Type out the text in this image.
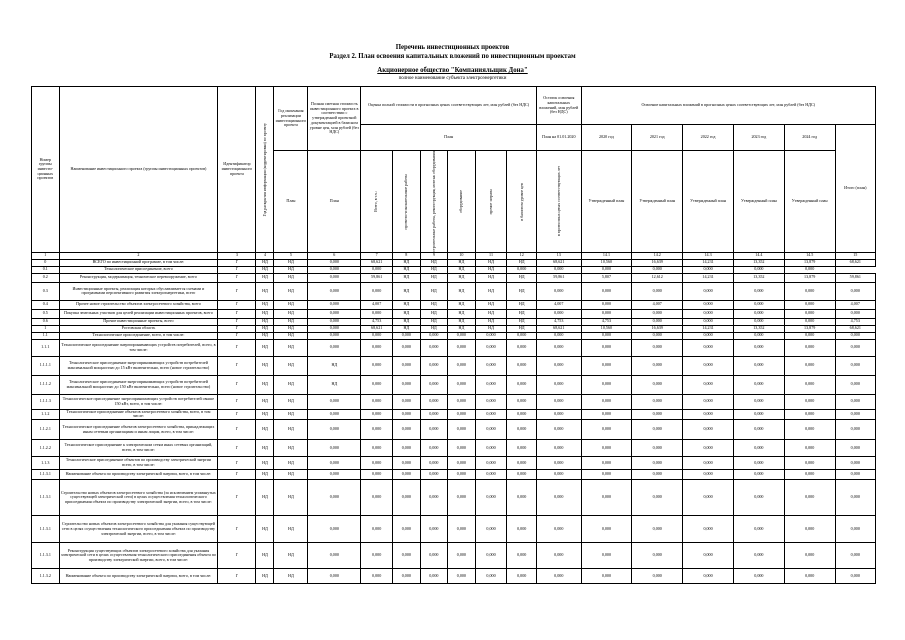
Перечень инвестиционных проектов
Раздел 2. План освоения капитальных вложений по инвестиционным проектам
Акционерное общество "Компанияльщик Дона"
полное наименование субъекта электроэнергетики
Номер группы инвести-ционных проектов	Наименование инвестиционного проекта (группы инвестиционных проектов)	Идентификатор инвестиционного проекта	Год раскрытия информации (корректировки) по проекту	Год окончания реализации инвестиционного проекта	Полная сметная стоимость инвестиционного проекта в соответствии с утвержденной проектной документацией в базисном уровне цен, млн рублей (без НДС)	Оценка полной стоимости в прогнозных ценах соответствующих лет, млн рублей (без НДС)						Остаток освоения капитальных вложений, млн рублей (без НДС)	Освоение капитальных вложений в прогнозных ценах соответствующих лет, млн рублей (без НДС)					
						План						План на 01.01.2020	2020 год	2021 год	2022 год	2023 год	2024 год	Итого (план)
				План	План	Всего, в т.ч.:	проектно-изыскательские работы	строительные работы, реконструкция, монтаж оборудования	оборудование	прочие затраты	в базисном уровне цен	в прогнозных ценах соответствующих лет	Утвержденный план	Утвержденный план	Утвержденный план	Утвержденный план	Утвержденный план	
1	2	3	4	5	6	7	8	9	10	11	12	13	14.1	14.2	14.3	14.4	14.5	15
0	ВСЕГО по инвестиционной программе, в том числе:	Г	НД	НД	0,000	68,621	НД	НД	НД	НД	НД	68,621	10,560	16,639	14,231	13,352	13,879	68,621
0.1	Технологическое присоединение, всего	Г	НД	НД	0,000	0,000	НД	НД	НД	НД	0,000	0,000	0,000	0,000	0,000	0,000	0,000	
0.2	Реконструкция, модернизация, техническое перевооружение, всего	Г	НД	НД	0,000	59,861	НД	НД	НД	НД	НД	59,861	5,807	12,612	14,231	13,352	13,879	59,861
0.3	Инвестиционные проекты, реализация которых обуславливается схемами и программами перспективного развития электроэнергетики, всего	Г	НД	НД	0,000	0,000	НД	НД	НД	НД	НД	0,000	0,000	0,000	0,000	0,000	0,000	0,000
0.4	Прочее новое строительство объектов электросетевого хозяйства, всего	Г	НД	НД	0,000	4,007	НД	НД	НД	НД	НД	4,007	0,000	4,007	0,000	0,000	0,000	4,007
0.5	Покупка земельных участков для целей реализации инвестиционных проектов, всего	Г	НД	НД	0,000	0,000	НД	НД	НД	НД	НД	0,000	0,000	0,000	0,000	0,000	0,000	0,000
0.6	Прочие инвестиционные проекты, всего	Г	НД	НД	0,000	4,753	НД	НД	НД	НД	НД	4,753	4,753	0,000	0,000	0,000	0,000	4,753
1	Ростовская область	Г	НД	НД	0,000	68,621	НД	НД	НД	НД	НД	68,621	10,560	16,639	14,231	13,352	13,879	68,621
1.1	Технологическое присоединение, всего, в том числе:	Г	НД	НД	0,000	0,000	0,000	0,000	0,000	0,000	0,000	0,000	0,000	0,000	0,000	0,000	0,000	0,000
1.1.1	Технологическое присоединение энергопринимающих устройств потребителей, всего, в том числе:	Г	НД	НД	0,000	0,000	0,000	0,000	0,000	0,000	0,000	0,000	0,000	0,000	0,000	0,000	0,000	0,000
1.1.1.1	Технологическое присоединение энергопринимающих устройств потребителей максимальной мощностью до 15 кВт включительно, всего (новое строительство)	Г	НД	НД	НД	0,000	0,000	0,000	0,000	0,000	0,000	0,000	0,000	0,000	0,000	0,000	0,000	0,000
1.1.1.2	Технологическое присоединение энергопринимающих устройств потребителей максимальной мощностью до 150 кВт включительно, всего (новое строительство)	Г	НД	НД	НД	0,000	0,000	0,000	0,000	0,000	0,000	0,000	0,000	0,000	0,000	0,000	0,000	0,000
1.1.1.3	Технологическое присоединение энергопринимающих устройств потребителей свыше 150 кВт, всего, в том числе:	Г	НД	НД	0,000	0,000	0,000	0,000	0,000	0,000	0,000	0,000	0,000	0,000	0,000	0,000	0,000	0,000
1.1.2	Технологическое присоединение объектов электросетевого хозяйства, всего, в том числе:	Г	НД	НД	0,000	0,000	0,000	0,000	0,000	0,000	0,000	0,000	0,000	0,000	0,000	0,000	0,000	0,000
1.1.2.1	Технологическое присоединение объектов электросетевого хозяйства, принадлежащих иным сетевым организациям и иным лицам, всего, в том числе:	Г	НД	НД	0,000	0,000	0,000	0,000	0,000	0,000	0,000	0,000	0,000	0,000	0,000	0,000	0,000	0,000
1.1.2.2	Технологическое присоединение к электрическим сетям иных сетевых организаций, всего, в том числе:	Г	НД	НД	0,000	0,000	0,000	0,000	0,000	0,000	0,000	0,000	0,000	0,000	0,000	0,000	0,000	0,000
1.1.3	Технологическое присоединение объектов по производству электрической энергии всего, в том числе:	Г	НД	НД	0,000	0,000	0,000	0,000	0,000	0,000	0,000	0,000	0,000	0,000	0,000	0,000	0,000	0,000
1.1.3.1	Наименование объекта по производству электрической энергии, всего, в том числе:	Г	НД	НД	0,000	0,000	0,000	0,000	0,000	0,000	0,000	0,000	0,000	0,000	0,000	0,000	0,000	0,000
1.1.3.1	Строительство новых объектов электросетевого хозяйства (за исключением упомянутых существующей электрической сети) в целях осуществления технологического присоединения объекта по производству электрической энергии, всего, в том числе:	Г	НД	НД	0,000	0,000	0,000	0,000	0,000	0,000	0,000	0,000	0,000	0,000	0,000	0,000	0,000	0,000
1.1.3.1	Строительство новых объектов электросетевого хозяйства для указания существующей сети в целях осуществления технологического присоединения объекта по производству электрической энергии, всего, в том числе:	Г	НД	НД	0,000	0,000	0,000	0,000	0,000	0,000	0,000	0,000	0,000	0,000	0,000	0,000	0,000	0,000
1.1.3.1	Реконструкция существующих объектов электросетевого хозяйства для указания электрической сети в целях осуществления технологического присоединения объекта по производству электрической энергии, всего, в том числе:	Г	НД	НД	0,000	0,000	0,000	0,000	0,000	0,000	0,000	0,000	0,000	0,000	0,000	0,000	0,000	0,000
1.1.3.2	Наименование объекта по производству электрической энергии, всего, в том числе:	Г	НД	НД	0,000	0,000	0,000	0,000	0,000	0,000	0,000	0,000	0,000	0,000	0,000	0,000	0,000	0,000
